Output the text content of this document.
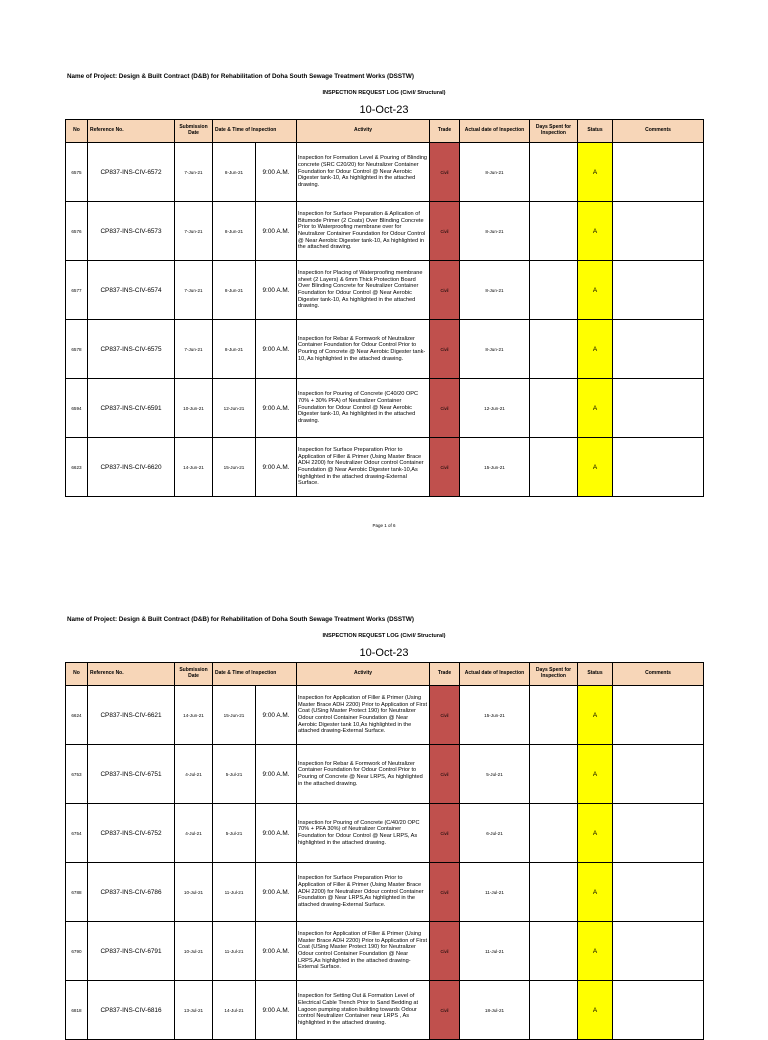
Name of Project: Design & Built Contract (D&B) for Rehabilitation of Doha South Sewage Treatment Works (DSSTW)
INSPECTION REQUEST LOG (Civil/ Structural)
10-Oct-23
No	Reference No.	Submission Date	Date & Time of Inspection		Activity	Trade	Actual date of Inspection	Days Spent for Inspection	Status	Comments
6575	CP837-INS-CIV-6572	7-Jun-21	8-Jun-21	9:00 A.M.	Inspection for Formation Level & Pouring of Blinding concrete (SRC C20/20) for Neutralizer Container Foundation for Odour Control @ Near Aerobic Digester tank-10, As highlighted in the attached drawing.	Civil	8-Jun-21		A	
6576	CP837-INS-CIV-6573	7-Jun-21	8-Jun-21	9:00 A.M.	Inspection for Surface Preparation & Aplication of Bitumode Primer (2 Coats) Over Blinding Concrete Prior to Waterproofing membrane over for Neutralizer Container Foundation for Odour Control @ Near Aerobic Digester tank-10, As highlighted in the attached drawing.	Civil	8-Jun-21		A	
6577	CP837-INS-CIV-6574	7-Jun-21	8-Jun-21	9:00 A.M.	Inspection for Placing of Waterproofing membrane sheet (2 Layers) & 6mm Thick Protection Board Over Blinding Concrete for Neutralizer Container Foundation for Odour Control @ Near Aerobic Digester tank-10, As highlighted in the attached drawing.	Civil	8-Jun-21		A	
6578	CP837-INS-CIV-6575	7-Jun-21	8-Jun-21	9:00 A.M.	Inspection for Rebar & Formwork of Neutralizer Container Foundation for Odour Control Prior to Pouring of Concrete @ Near Aerobic Digester tank-10, As highlighted in the attached drawing.	Civil	8-Jun-21		A	
6594	CP837-INS-CIV-6591	10-Jun-21	12-Jun-21	9:00 A.M.	Inspection for Pouring of Concrete (C40/20 OPC 70% + 30% PFA) of Neutralizer Container Foundation for Odour Control @ Near Aerobic Digester tank-10, As highlighted in the attached drawing.	Civil	12-Jun-21		A	
6623	CP837-INS-CIV-6620	14-Jun-21	15-Jun-21	9:00 A.M.	Inspection for Surface Preparation Prior to Application of Filler & Primer (Using Master Brace ADH 2200) for Neutralizer Odour control Container Foundation @ Near Aerobic Digester tank-10,As highlighted in the attached drawing-External Surface.	Civil	15-Jun-21		A	
Page 1 of 6
Name of Project: Design & Built Contract (D&B) for Rehabilitation of Doha South Sewage Treatment Works (DSSTW)
INSPECTION REQUEST LOG (Civil/ Structural)
10-Oct-23
No	Reference No.	Submission Date	Date & Time of Inspection		Activity	Trade	Actual date of Inspection	Days Spent for Inspection	Status	Comments
6624	CP837-INS-CIV-6621	14-Jun-21	15-Jun-21	9:00 A.M.	Inspection for Application of Filler & Primer (Using Master Brace ADH 2200) Prior to Application of First Coat (USing Master Protect 190) for Neutralizer Odour control Container Foundation @ Near Aerobic Digester tank 10,As highlighted in the attached drawing-External Surface.	Civil	15-Jun-21		A	
6753	CP837-INS-CIV-6751	4-Jul-21	5-Jul-21	9:00 A.M.	Inspection for Rebar & Formwork of Neutralizer Container Foundation for Odour Control Prior to Pouring of Concrete @ Near LRPS, As highlighted in the attached drawing.	Civil	5-Jul-21		A	
6754	CP837-INS-CIV-6752	4-Jul-21	5-Jul-21	9:00 A.M.	Inspection for Pouring of Concrete (C/40/20 OPC 70% + PFA 30%) of Neutralizer Container Foundation for Odour Control @ Near LRPS, As highlighted in the attached drawing.	Civil	6-Jul-21		A	
6788	CP837-INS-CIV-6786	10-Jul-21	11-Jul-21	9:00 A.M.	Inspection for Surface Preparation Prior to Application of Filler & Primer (Using Master Brace ADH 2200) for Neutralizer Odour control Container Foundation @ Near LRPS,As highlighted in the attached drawing-External Surface.	Civil	11-Jul-21		A	
6790	CP837-INS-CIV-6791	10-Jul-21	11-Jul-21	9:00 A.M.	Inspection for Application of Filler & Primer (Using Master Brace ADH 2200) Prior to Application of First Coat (USing Master Protect 190) for Neutralizer Odour control Container Foundation @ Near LRPS,As highlighted in the attached drawing-External Surface.	Civil	11-Jul-21		A	
6818	CP837-INS-CIV-6816	13-Jul-21	14-Jul-21	9:00 A.M.	Inspection for Setting Out & Formation Level of Electrical Cable Trench Prior to Sand Bedding at Lagoon pumping station building towards Odour control Neutralizer Container near LRPS , As highlighted in the attached drawing.	Civil	18-Jul-21		A	
